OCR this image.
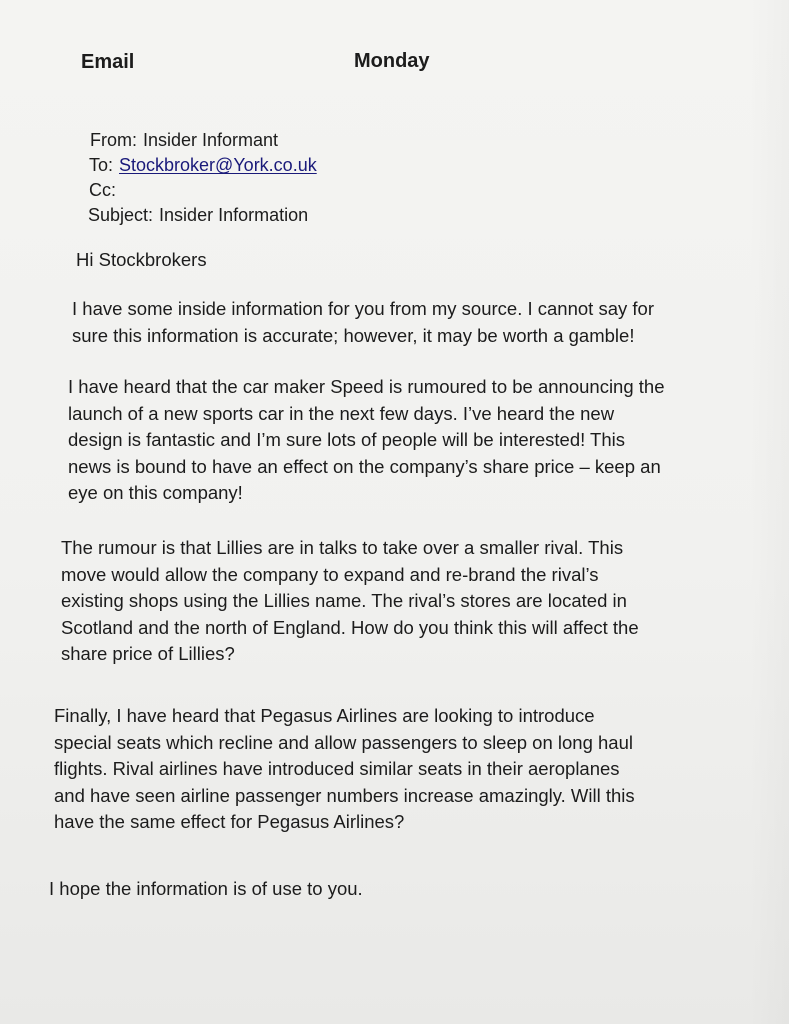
Email	Monday
From: Insider Informant
To: Stockbroker@York.co.uk
Cc:
Subject: Insider Information
Hi Stockbrokers
I have some inside information for you from my source. I cannot say for
sure this information is accurate; however, it may be worth a gamble!
I have heard that the car maker Speed is rumoured to be announcing the
launch of a new sports car in the next few days. I’ve heard the new
design is fantastic and I’m sure lots of people will be interested! This
news is bound to have an effect on the company’s share price – keep an
eye on this company!
The rumour is that Lillies are in talks to take over a smaller rival. This
move would allow the company to expand and re-brand the rival’s
existing shops using the Lillies name. The rival’s stores are located in
Scotland and the north of England. How do you think this will affect the
share price of Lillies?
Finally, I have heard that Pegasus Airlines are looking to introduce
special seats which recline and allow passengers to sleep on long haul
flights. Rival airlines have introduced similar seats in their aeroplanes
and have seen airline passenger numbers increase amazingly. Will this
have the same effect for Pegasus Airlines?
I hope the information is of use to you.
